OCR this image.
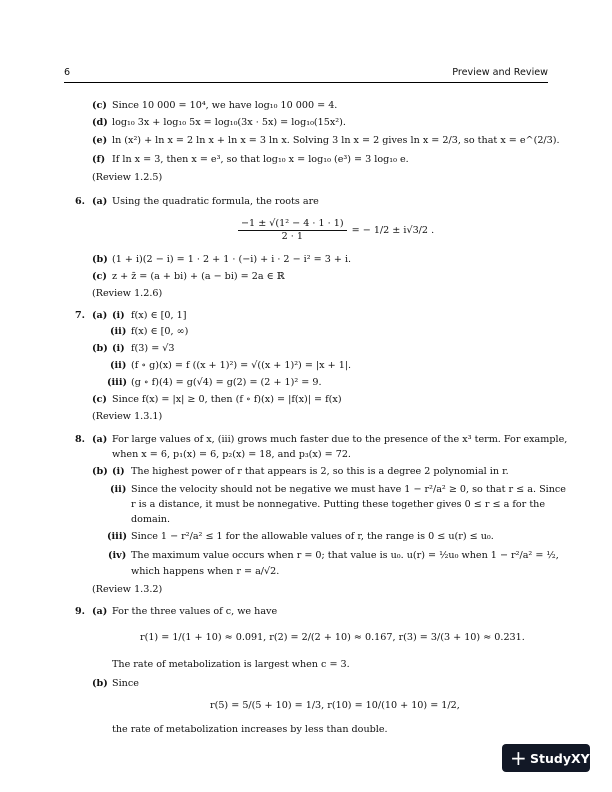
6	Preview and Review
(c) Since 10 000 = 10⁴, we have log₁₀ 10 000 = 4.
(d) log₁₀ 3x + log₁₀ 5x = log₁₀(3x · 5x) = log₁₀(15x²).
(e) ln (x²) + ln x = 2 ln x + ln x = 3 ln x. Solving 3 ln x = 2 gives ln x = 2/3, so that x = e^(2/3).
(f) If ln x = 3, then x = e³, so that log₁₀ x = log₁₀ (e³) = 3 log₁₀ e.
(Review 1.2.5)
6. (a) Using the quadratic formula, the roots are
$\frac{\text{−1 ± √(1² − 4 · 1 · 1)}}{2 \cdot 1}$ = − 1/2 ± i√3/2 .
(b) (1 + i)(2 − i) = 1 · 2 + 1 · (−i) + i · 2 − i² = 3 + i.
(c) z + z̄ = (a + bi) + (a − bi) = 2a ∈ ℝ
(Review 1.2.6)
7. (a) (i) f(x) ∈ [0, 1]
(ii) f(x) ∈ [0, ∞)
(b) (i) f(3) = √3
(ii) (f ∘ g)(x) = f ((x + 1)²) = √((x + 1)²) = |x + 1|.
(iii) (g ∘ f)(4) = g(√4) = g(2) = (2 + 1)² = 9.
(c) Since f(x) = |x| ≥ 0, then (f ∘ f)(x) = |f(x)| = f(x)
(Review 1.3.1)
8. (a) For large values of x, (iii) grows much faster due to the presence of the x³ term. For example,
when x = 6, p₁(x) = 6, p₂(x) = 18, and p₃(x) = 72.
(b) (i) The highest power of r that appears is 2, so this is a degree 2 polynomial in r.
(ii) Since the velocity should not be negative we must have 1 − r²/a² ≥ 0, so that r ≤ a. Since
r is a distance, it must be nonnegative. Putting these together gives 0 ≤ r ≤ a for the
domain.
(iii) Since 1 − r²/a² ≤ 1 for the allowable values of r, the range is 0 ≤ u(r) ≤ u₀.
(iv) The maximum value occurs when r = 0; that value is u₀. u(r) = ½u₀ when 1 − r²/a² = ½,
which happens when r = a/√2.
(Review 1.3.2)
9. (a) For the three values of c, we have
r(1) = 1/(1 + 10) ≈ 0.091, r(2) = 2/(2 + 10) ≈ 0.167, r(3) = 3/(3 + 10) ≈ 0.231.
The rate of metabolization is largest when c = 3.
(b) Since
r(5) = 5/(5 + 10) = 1/3, r(10) = 10/(10 + 10) = 1/2,
the rate of metabolization increases by less than double.
+ StudyXY
